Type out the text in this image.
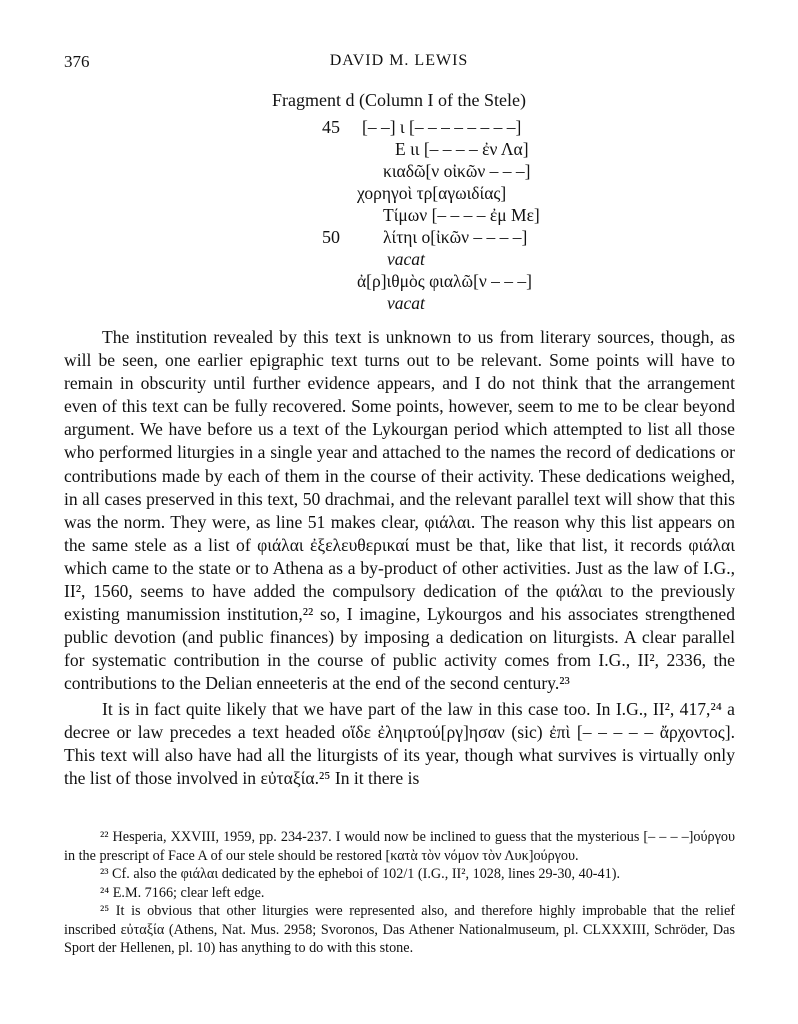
376	DAVID M. LEWIS
Fragment d (Column I of the Stele)
45
50
[– –] ι [– – – – – – – –]
Ε ιι [– – – – ἐν Λα]
κιαδῶ[ν οἰκῶν – – –]
χορηγοὶ τρ[αγωιδίας]
Τίμων [– – – – ἐμ Με]
λίτηι ο[ἰκῶν – – – –]
vacat
ἀ[ρ]ιθμὸς φιαλῶ[ν – – –]
vacat

The institution revealed by this text is unknown to us from literary sources, though, as will be seen, one earlier epigraphic text turns out to be relevant. Some points will have to remain in obscurity until further evidence appears, and I do not think that the arrangement even of this text can be fully recovered. Some points, however, seem to me to be clear beyond argument. We have before us a text of the Lykourgan period which attempted to list all those who performed liturgies in a single year and attached to the names the record of dedications or contributions made by each of them in the course of their activity. These dedications weighed, in all cases preserved in this text, 50 drachmai, and the relevant parallel text will show that this was the norm. They were, as line 51 makes clear, φιάλαι. The reason why this list appears on the same stele as a list of φιάλαι ἐξελευθερικαί must be that, like that list, it records φιάλαι which came to the state or to Athena as a by-product of other activities. Just as the law of I.G., II², 1560, seems to have added the compulsory dedication of the φιάλαι to the previously existing manumission institution,²² so, I imagine, Lykourgos and his associates strengthened public devotion (and public finances) by imposing a dedication on liturgists. A clear parallel for systematic contribution in the course of public activity comes from I.G., II², 2336, the contributions to the Delian enneeteris at the end of the second century.²³

It is in fact quite likely that we have part of the law in this case too. In I.G., II², 417,²⁴ a decree or law precedes a text headed οἵδε ἐληιρτού[ργ]ησαν (sic) ἐπὶ [– – – – – ἄρχοντος]. This text will also have had all the liturgists of its year, though what survives is virtually only the list of those involved in εὐταξία.²⁵ In it there is

²² Hesperia, XXVIII, 1959, pp. 234-237. I would now be inclined to guess that the mysterious [– – – –]ούργου in the prescript of Face A of our stele should be restored [κατὰ τὸν νόμον τὸν Λυκ]ούργου.

²³ Cf. also the φιάλαι dedicated by the epheboi of 102/1 (I.G., II², 1028, lines 29-30, 40-41).

²⁴ E.M. 7166; clear left edge.

²⁵ It is obvious that other liturgies were represented also, and therefore highly improbable that the relief inscribed εὐταξία (Athens, Nat. Mus. 2958; Svoronos, Das Athener Nationalmuseum, pl. CLXXXIII, Schröder, Das Sport der Hellenen, pl. 10) has anything to do with this stone.
